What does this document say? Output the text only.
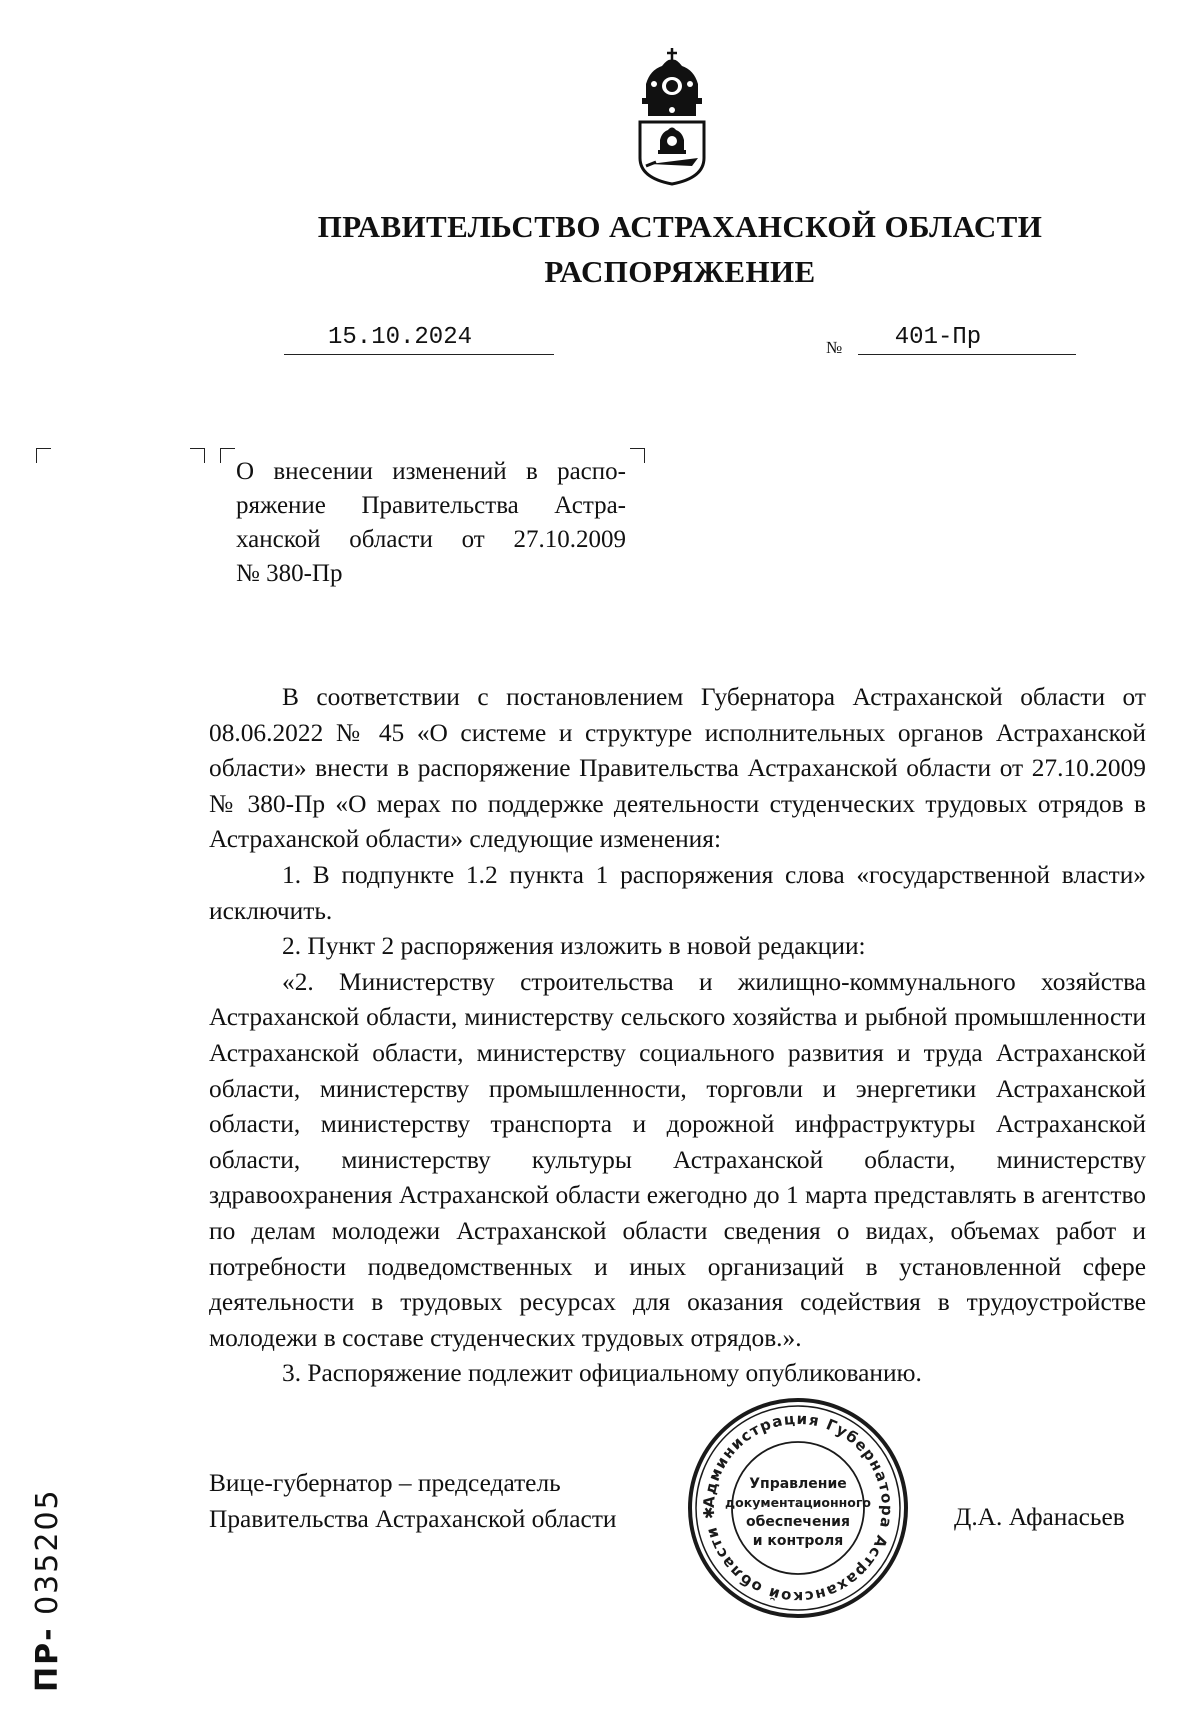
ПРАВИТЕЛЬСТВО АСТРАХАНСКОЙ ОБЛАСТИ
РАСПОРЯЖЕНИЕ
15.10.2024	№	401-Пр
О внесении изменений в распо-
ряжение Правительства Астра-
ханской области от 27.10.2009
№ 380-Пр

В соответствии с постановлением Губернатора Астраханской области от 08.06.2022 № 45 «О системе и структуре исполнительных органов Астраханской области» внести в распоряжение Правительства Астраханской области от 27.10.2009 № 380-Пр «О мерах по поддержке деятельности студенческих трудовых отрядов в Астраханской области» следующие изменения:

1. В подпункте 1.2 пункта 1 распоряжения слова «государственной власти» исключить.

2. Пункт 2 распоряжения изложить в новой редакции:

«2. Министерству строительства и жилищно-коммунального хозяйства Астраханской области, министерству сельского хозяйства и рыбной промышленности Астраханской области, министерству социального развития и труда Астраханской области, министерству промышленности, торговли и энергетики Астраханской области, министерству транспорта и дорожной инфраструктуры Астраханской области, министерству культуры Астраханской области, министерству здравоохранения Астраханской области ежегодно до 1 марта представлять в агентство по делам молодежи Астраханской области сведения о видах, объемах работ и потребности подведомственных и иных организаций в установленной сфере деятельности в трудовых ресурсах для оказания содействия в трудоустройстве молодежи в составе студенческих трудовых отрядов.».

3. Распоряжение подлежит официальному опубликованию.

ПР- 035205
Вице-губернатор – председатель
Правительства Астраханской области
Администрация Губернатора Астраханской области ✱
Управление
документационного
обеспечения
и контроля
Д.А. Афанасьев
